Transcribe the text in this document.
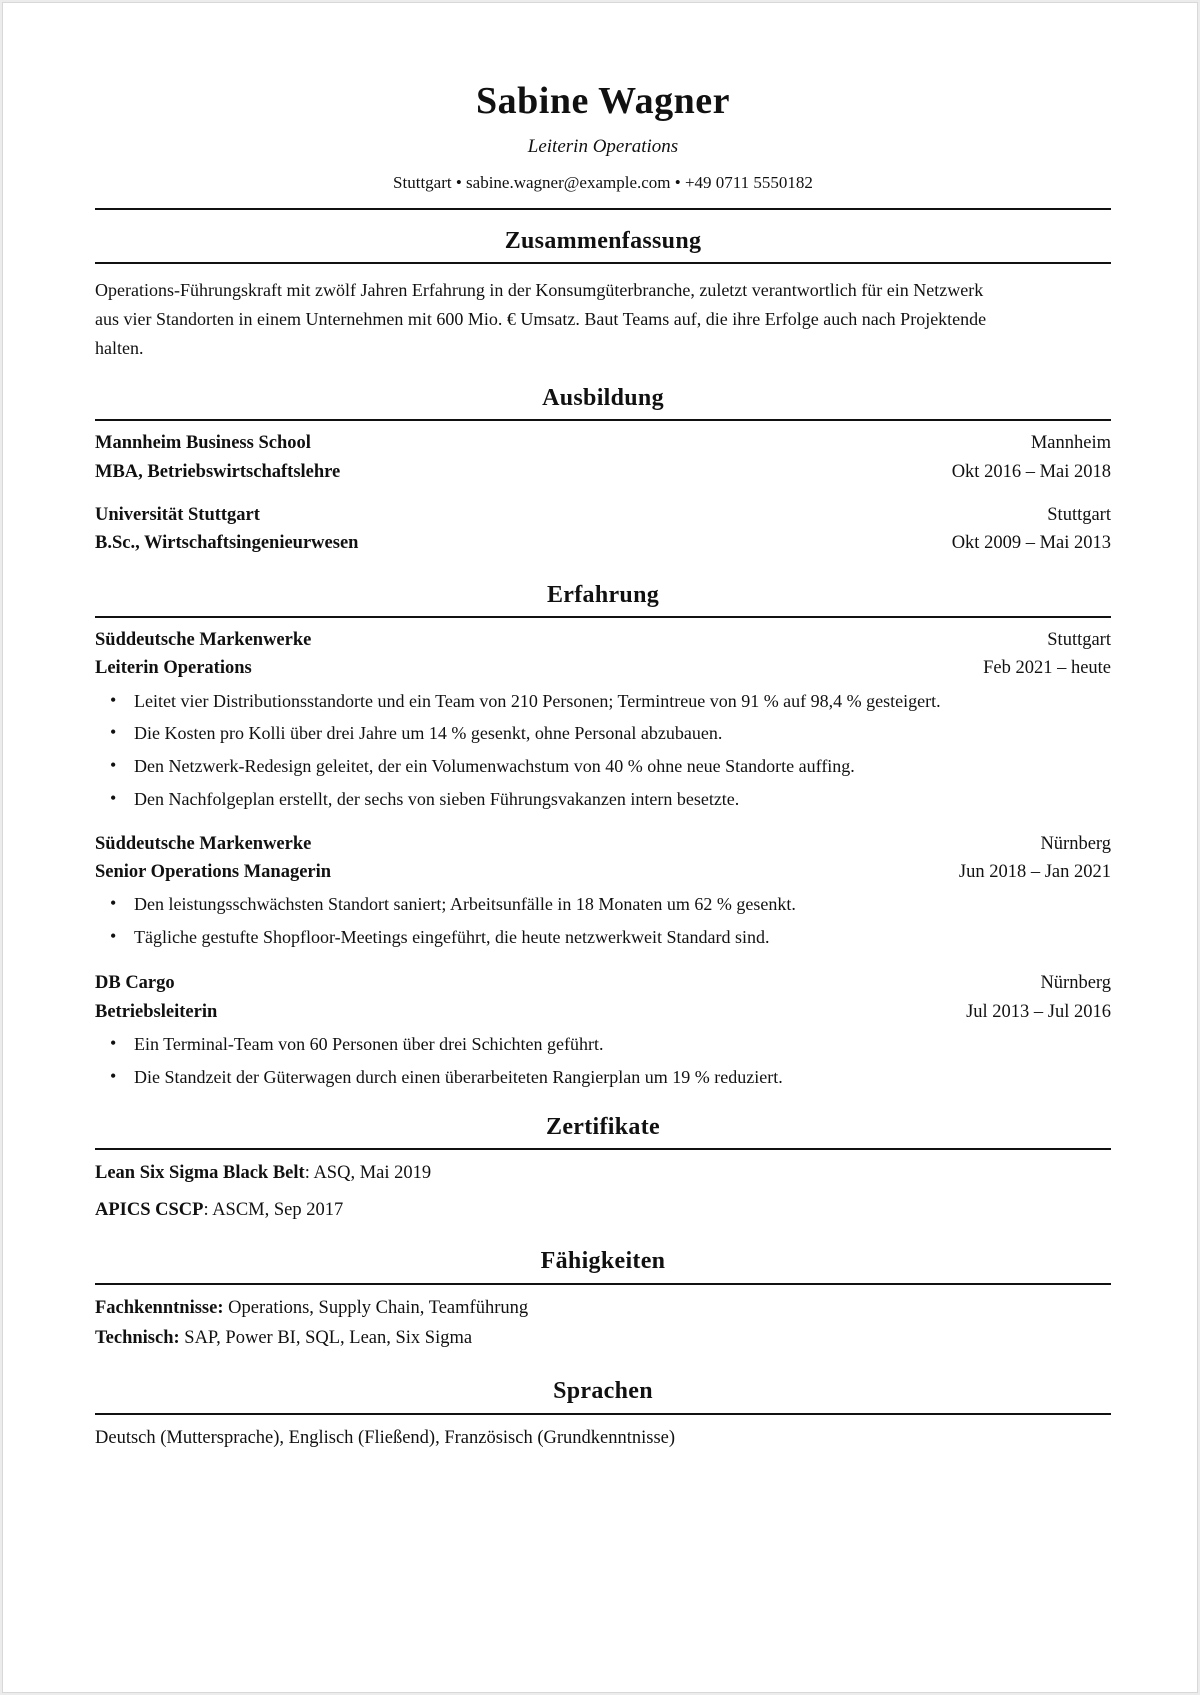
Sabine Wagner
Leiterin Operations
Stuttgart • sabine.wagner@example.com • +49 0711 5550182
Zusammenfassung
Operations-Führungskraft mit zwölf Jahren Erfahrung in der Konsumgüterbranche, zuletzt verantwortlich für ein Netzwerk
aus vier Standorten in einem Unternehmen mit 600 Mio. € Umsatz. Baut Teams auf, die ihre Erfolge auch nach Projektende
halten.
Ausbildung
Mannheim Business School	Mannheim
MBA, Betriebswirtschaftslehre	Okt 2016 – Mai 2018
Universität Stuttgart	Stuttgart
B.Sc., Wirtschaftsingenieurwesen	Okt 2009 – Mai 2013
Erfahrung
Süddeutsche Markenwerke	Stuttgart
Leiterin Operations	Feb 2021 – heute
• Leitet vier Distributionsstandorte und ein Team von 210 Personen; Termintreue von 91 % auf 98,4 % gesteigert.
• Die Kosten pro Kolli über drei Jahre um 14 % gesenkt, ohne Personal abzubauen.
• Den Netzwerk-Redesign geleitet, der ein Volumenwachstum von 40 % ohne neue Standorte auffing.
• Den Nachfolgeplan erstellt, der sechs von sieben Führungsvakanzen intern besetzte.
Süddeutsche Markenwerke	Nürnberg
Senior Operations Managerin	Jun 2018 – Jan 2021
• Den leistungsschwächsten Standort saniert; Arbeitsunfälle in 18 Monaten um 62 % gesenkt.
• Tägliche gestufte Shopfloor-Meetings eingeführt, die heute netzwerkweit Standard sind.
DB Cargo	Nürnberg
Betriebsleiterin	Jul 2013 – Jul 2016
• Ein Terminal-Team von 60 Personen über drei Schichten geführt.
• Die Standzeit der Güterwagen durch einen überarbeiteten Rangierplan um 19 % reduziert.
Zertifikate
Lean Six Sigma Black Belt: ASQ, Mai 2019
APICS CSCP: ASCM, Sep 2017
Fähigkeiten
Fachkenntnisse: Operations, Supply Chain, Teamführung
Technisch: SAP, Power BI, SQL, Lean, Six Sigma
Sprachen
Deutsch (Muttersprache), Englisch (Fließend), Französisch (Grundkenntnisse)
